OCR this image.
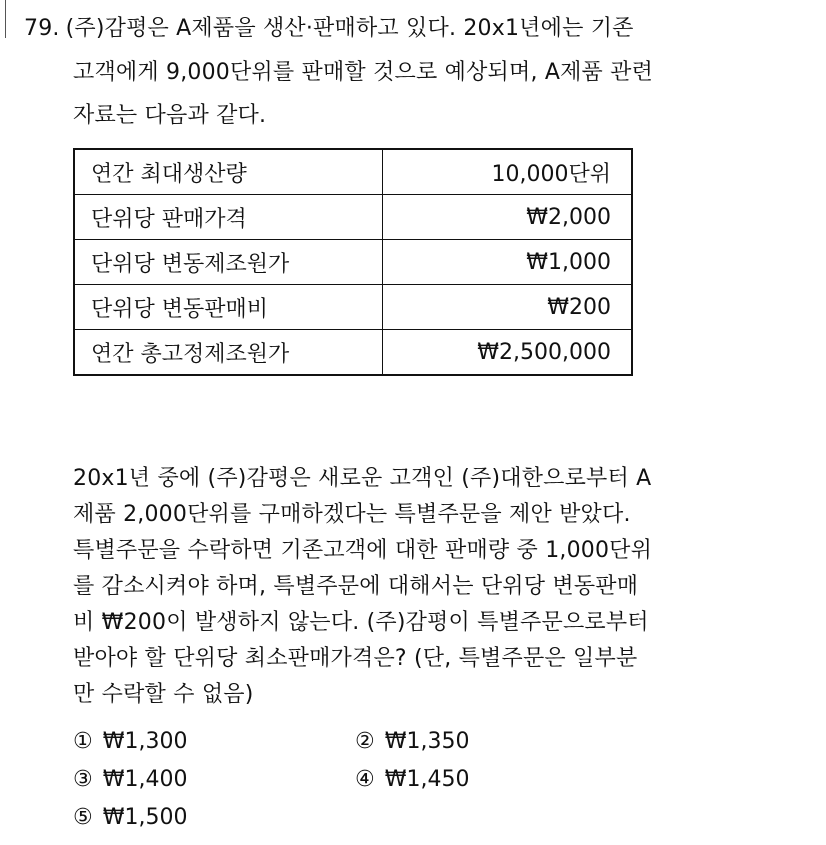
79. (주)감평은 A제품을 생산·판매하고 있다. 20x1년에는 기존
고객에게 9,000단위를 판매할 것으로 예상되며, A제품 관련
자료는 다음과 같다.
연간 최대생산량	10,000단위
단위당 판매가격	₩2,000
단위당 변동제조원가	₩1,000
단위당 변동판매비	₩200
연간 총고정제조원가	₩2,500,000
20x1년 중에 (주)감평은 새로운 고객인 (주)대한으로부터 A
제품 2,000단위를 구매하겠다는 특별주문을 제안 받았다.
특별주문을 수락하면 기존고객에 대한 판매량 중 1,000단위
를 감소시켜야 하며, 특별주문에 대해서는 단위당 변동판매
비 ₩200이 발생하지 않는다. (주)감평이 특별주문으로부터
받아야 할 단위당 최소판매가격은? (단, 특별주문은 일부분
만 수락할 수 없음)
① ₩1,300	② ₩1,350
③ ₩1,400	④ ₩1,450
⑤ ₩1,500
